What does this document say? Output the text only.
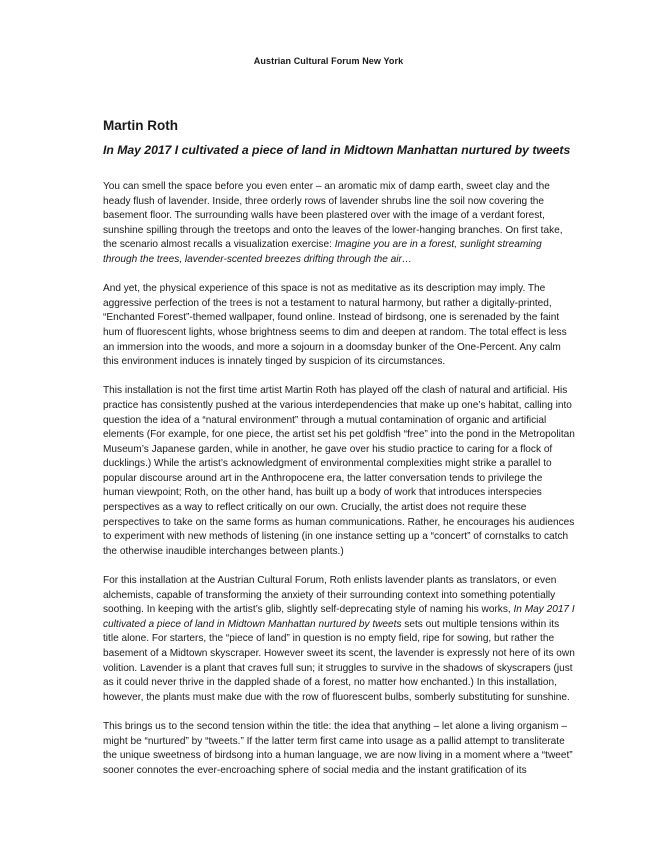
Austrian Cultural Forum New York
Martin Roth
In May 2017 I cultivated a piece of land in Midtown Manhattan nurtured by tweets

You can smell the space before you even enter – an aromatic mix of damp earth, sweet clay and the heady flush of lavender. Inside, three orderly rows of lavender shrubs line the soil now covering the basement floor. The surrounding walls have been plastered over with the image of a verdant forest, sunshine spilling through the treetops and onto the leaves of the lower-hanging branches. On first take, the scenario almost recalls a visualization exercise: Imagine you are in a forest, sunlight streaming through the trees, lavender-scented breezes drifting through the air…

And yet, the physical experience of this space is not as meditative as its description may imply. The aggressive perfection of the trees is not a testament to natural harmony, but rather a digitally-printed, “Enchanted Forest”-themed wallpaper, found online. Instead of birdsong, one is serenaded by the faint hum of fluorescent lights, whose brightness seems to dim and deepen at random. The total effect is less an immersion into the woods, and more a sojourn in a doomsday bunker of the One-Percent. Any calm this environment induces is innately tinged by suspicion of its circumstances.

This installation is not the first time artist Martin Roth has played off the clash of natural and artificial. His practice has consistently pushed at the various interdependencies that make up one’s habitat, calling into question the idea of a “natural environment” through a mutual contamination of organic and artificial elements (For example, for one piece, the artist set his pet goldfish “free” into the pond in the Metropolitan Museum’s Japanese garden, while in another, he gave over his studio practice to caring for a flock of ducklings.) While the artist’s acknowledgment of environmental complexities might strike a parallel to popular discourse around art in the Anthropocene era, the latter conversation tends to privilege the human viewpoint; Roth, on the other hand, has built up a body of work that introduces interspecies perspectives as a way to reflect critically on our own. Crucially, the artist does not require these perspectives to take on the same forms as human communications. Rather, he encourages his audiences to experiment with new methods of listening (in one instance setting up a “concert” of cornstalks to catch the otherwise inaudible interchanges between plants.)

For this installation at the Austrian Cultural Forum, Roth enlists lavender plants as translators, or even alchemists, capable of transforming the anxiety of their surrounding context into something potentially soothing. In keeping with the artist’s glib, slightly self-deprecating style of naming his works, In May 2017 I cultivated a piece of land in Midtown Manhattan nurtured by tweets sets out multiple tensions within its title alone. For starters, the “piece of land” in question is no empty field, ripe for sowing, but rather the basement of a Midtown skyscraper. However sweet its scent, the lavender is expressly not here of its own volition. Lavender is a plant that craves full sun; it struggles to survive in the shadows of skyscrapers (just as it could never thrive in the dappled shade of a forest, no matter how enchanted.) In this installation, however, the plants must make due with the row of fluorescent bulbs, somberly substituting for sunshine.

This brings us to the second tension within the title: the idea that anything – let alone a living organism – might be “nurtured” by “tweets.” If the latter term first came into usage as a pallid attempt to transliterate the unique sweetness of birdsong into a human language, we are now living in a moment where a “tweet” sooner connotes the ever-encroaching sphere of social media and the instant gratification of its
